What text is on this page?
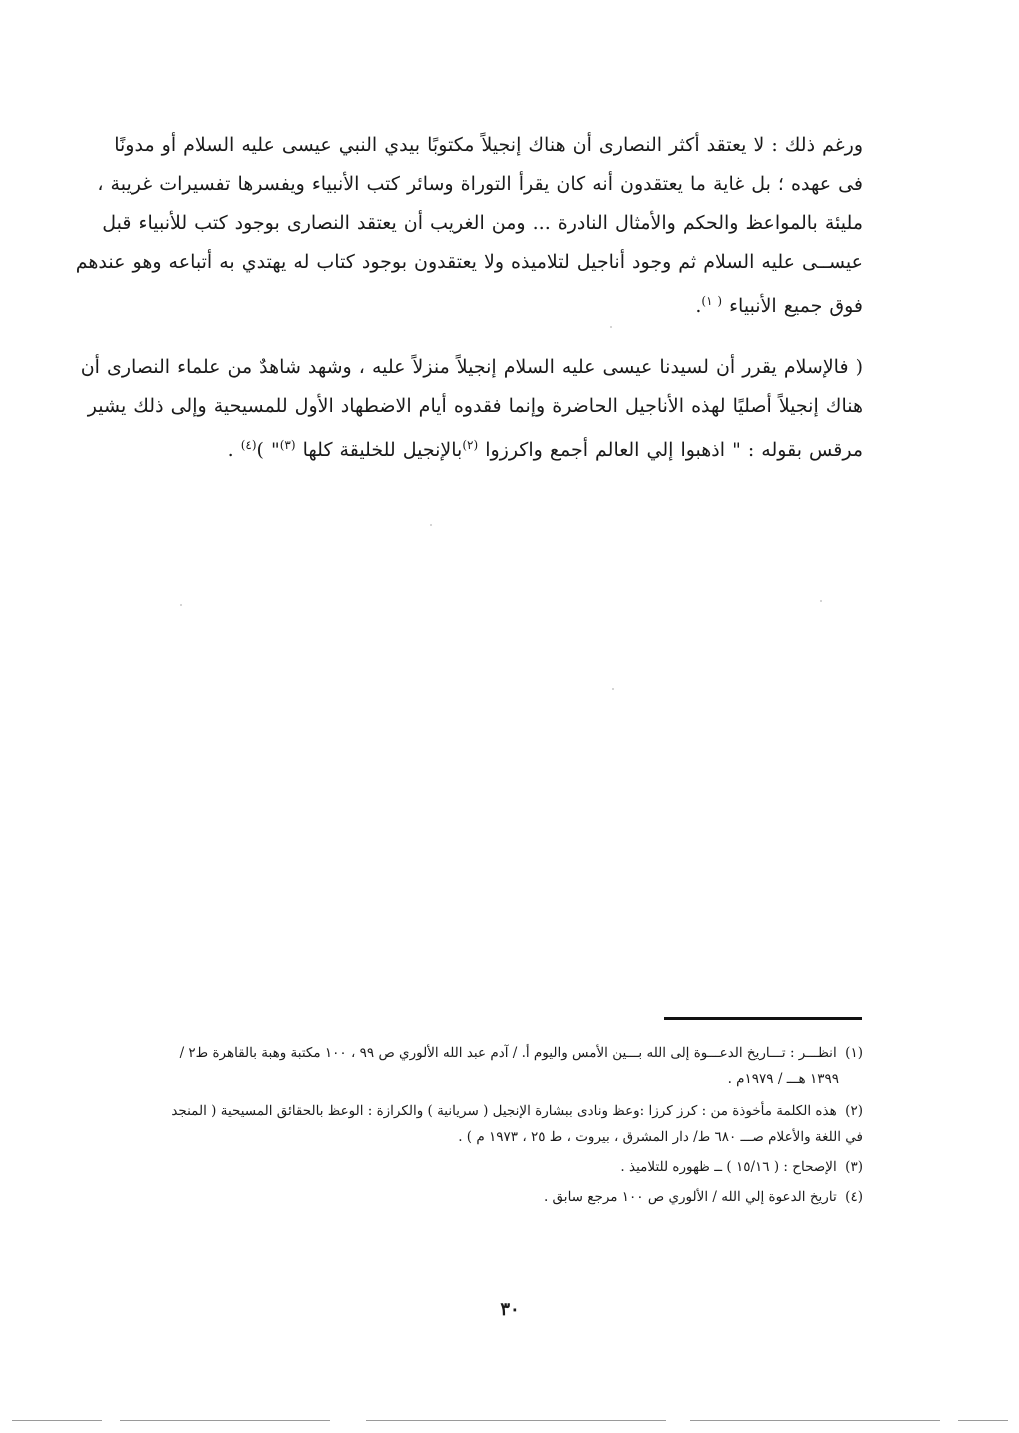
ورغم ذلك : لا يعتقد أكثر النصارى أن هناك إنجيلاً مكتوبًا بيدي النبي عيسى عليه السلام أو مدونًا
فى عهده ؛ بل غاية ما يعتقدون أنه كان يقرأ التوراة وسائر كتب الأنبياء ويفسرها تفسيرات غريبة ،
مليئة بالمواعظ والحكم والأمثال النادرة ... ومن الغريب أن يعتقد النصارى بوجود كتب للأنبياء قبل
عيســى عليه السلام ثم وجود أناجيل لتلاميذه ولا يعتقدون بوجود كتاب له يهتدي به أتباعه وهو عندهم
فوق جميع الأنبياء $^{( ١)}$.
( فالإسلام يقرر أن لسيدنا عيسى عليه السلام إنجيلاً منزلاً عليه ، وشهد شاهدٌ من علماء النصارى أن
هناك إنجيلاً أصليًا لهذه الأناجيل الحاضرة وإنما فقدوه أيام الاضطهاد الأول للمسيحية وإلى ذلك يشير
مرقس بقوله : " اذهبوا إلي العالم أجمع واكرزوا $^{(٢)}$بالإنجيل للخليقة كلها $^{(٣)}$" )$^{(٤)}$ .
(١) انظـــر : تـــاريخ الدعـــوة إلى الله بـــين الأمس واليوم أ. / آدم عبد الله الألوري ص ٩٩ ، ١٠٠ مكتبة وهبة بالقاهرة ط٢ /
١٣٩٩ هـــ / ١٩٧٩م .
(٢) هذه الكلمة مأخوذة من : كرز كرزا :وعظ ونادى ببشارة الإنجيل ( سريانية ) والكرازة : الوعظ بالحقائق المسيحية ( المنجد
في اللغة والأعلام صـــ ٦٨٠ ط/ دار المشرق ، بيروت ، ط ٢٥ ، ١٩٧٣ م ) .
(٣) الإصحاح : ( ١٥/١٦ ) ــ ظهوره للتلاميذ .
(٤) تاريخ الدعوة إلي الله / الألوري ص ١٠٠ مرجع سابق .
٣٠
